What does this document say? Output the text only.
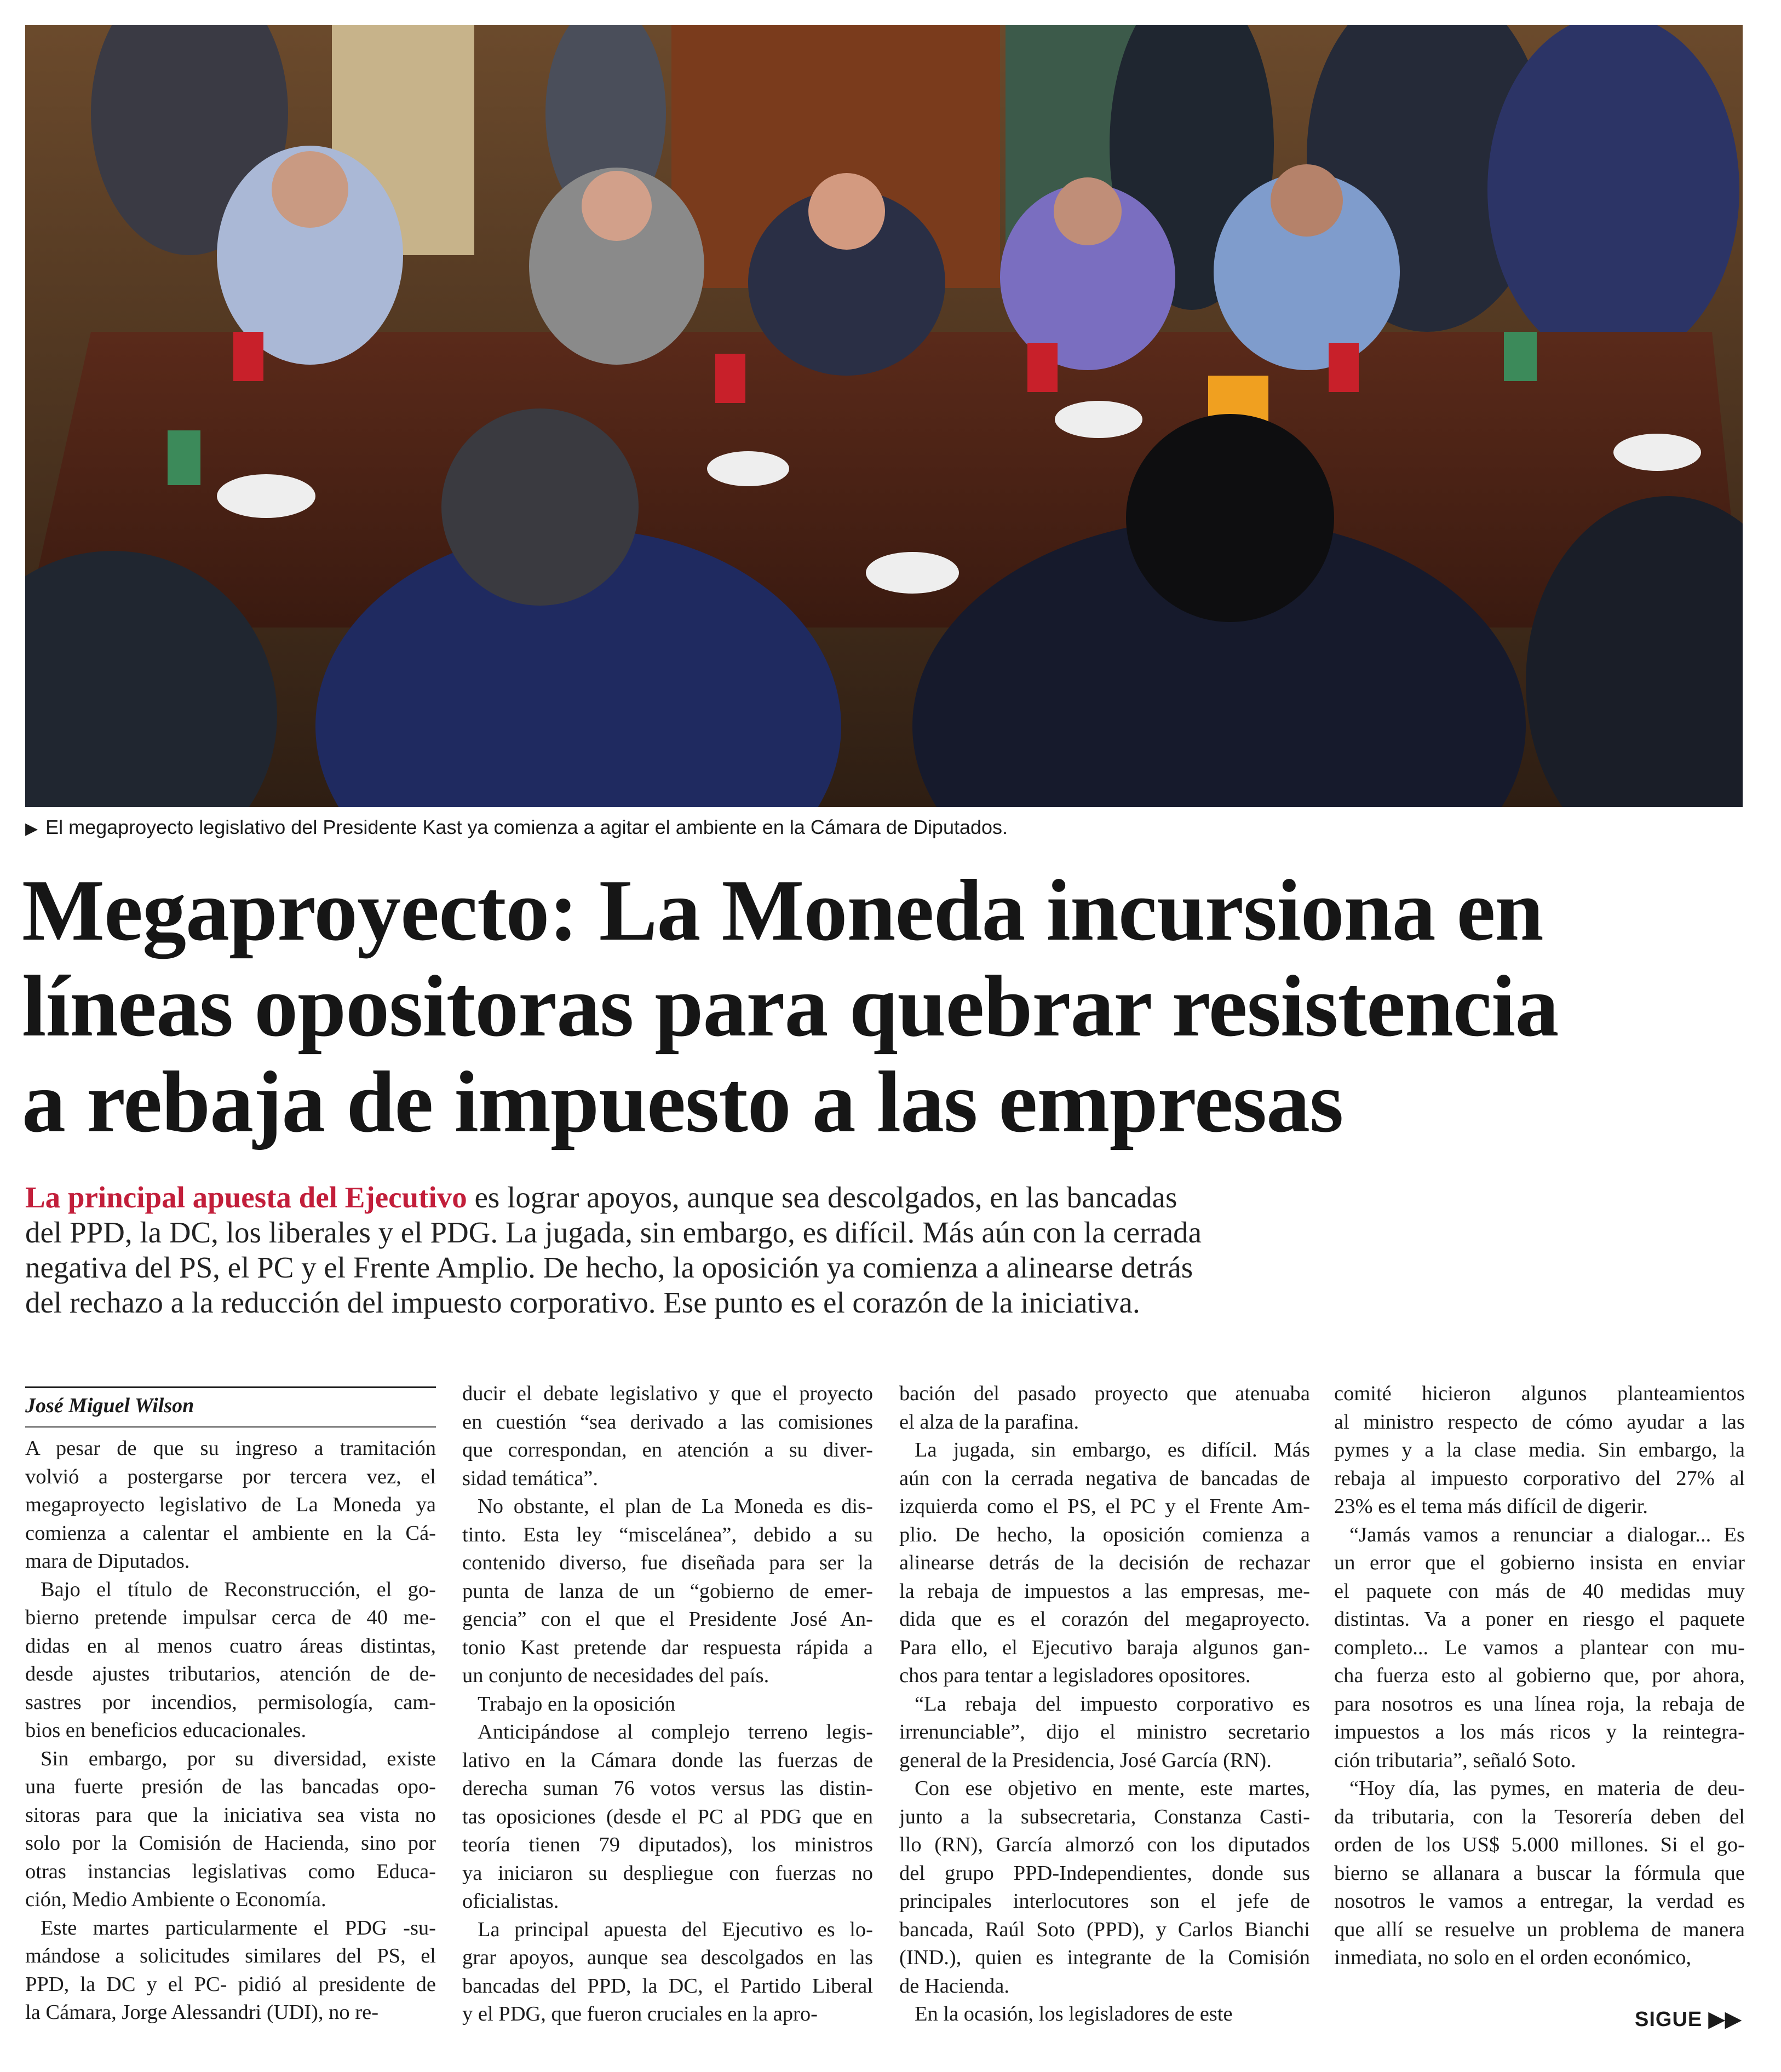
▶ El megaproyecto legislativo del Presidente Kast ya comienza a agitar el ambiente en la Cámara de Diputados.
Megaproyecto: La Moneda incursiona en
líneas opositoras para quebrar resistencia
a rebaja de impuesto a las empresas
La principal apuesta del Ejecutivo es lograr apoyos, aunque sea descolgados, en las bancadas
del PPD, la DC, los liberales y el PDG. La jugada, sin embargo, es difícil. Más aún con la cerrada
negativa del PS, el PC y el Frente Amplio. De hecho, la oposición ya comienza a alinearse detrás
del rechazo a la reducción del impuesto corporativo. Ese punto es el corazón de la iniciativa.
José Miguel Wilson
A pesar de que su ingreso a tramitación
volvió a postergarse por tercera vez, el
megaproyecto legislativo de La Moneda ya
comienza a calentar el ambiente en la Cá-
mara de Diputados.
Bajo el título de Reconstrucción, el go-
bierno pretende impulsar cerca de 40 me-
didas en al menos cuatro áreas distintas,
desde ajustes tributarios, atención de de-
sastres por incendios, permisología, cam-
bios en beneficios educacionales.
Sin embargo, por su diversidad, existe
una fuerte presión de las bancadas opo-
sitoras para que la iniciativa sea vista no
solo por la Comisión de Hacienda, sino por
otras instancias legislativas como Educa-
ción, Medio Ambiente o Economía.
Este martes particularmente el PDG -su-
mándose a solicitudes similares del PS, el
PPD, la DC y el PC- pidió al presidente de
la Cámara, Jorge Alessandri (UDI), no re-
ducir el debate legislativo y que el proyecto
en cuestión “sea derivado a las comisiones
que correspondan, en atención a su diver-
sidad temática”.
No obstante, el plan de La Moneda es dis-
tinto. Esta ley “miscelánea”, debido a su
contenido diverso, fue diseñada para ser la
punta de lanza de un “gobierno de emer-
gencia” con el que el Presidente José An-
tonio Kast pretende dar respuesta rápida a
un conjunto de necesidades del país.
Trabajo en la oposición
Anticipándose al complejo terreno legis-
lativo en la Cámara donde las fuerzas de
derecha suman 76 votos versus las distin-
tas oposiciones (desde el PC al PDG que en
teoría tienen 79 diputados), los ministros
ya iniciaron su despliegue con fuerzas no
oficialistas.
La principal apuesta del Ejecutivo es lo-
grar apoyos, aunque sea descolgados en las
bancadas del PPD, la DC, el Partido Liberal
y el PDG, que fueron cruciales en la apro-
bación del pasado proyecto que atenuaba
el alza de la parafina.
La jugada, sin embargo, es difícil. Más
aún con la cerrada negativa de bancadas de
izquierda como el PS, el PC y el Frente Am-
plio. De hecho, la oposición comienza a
alinearse detrás de la decisión de rechazar
la rebaja de impuestos a las empresas, me-
dida que es el corazón del megaproyecto.
Para ello, el Ejecutivo baraja algunos gan-
chos para tentar a legisladores opositores.
“La rebaja del impuesto corporativo es
irrenunciable”, dijo el ministro secretario
general de la Presidencia, José García (RN).
Con ese objetivo en mente, este martes,
junto a la subsecretaria, Constanza Casti-
llo (RN), García almorzó con los diputados
del grupo PPD-Independientes, donde sus
principales interlocutores son el jefe de
bancada, Raúl Soto (PPD), y Carlos Bianchi
(IND.), quien es integrante de la Comisión
de Hacienda.
En la ocasión, los legisladores de este
comité hicieron algunos planteamientos
al ministro respecto de cómo ayudar a las
pymes y a la clase media. Sin embargo, la
rebaja al impuesto corporativo del 27% al
23% es el tema más difícil de digerir.
“Jamás vamos a renunciar a dialogar... Es
un error que el gobierno insista en enviar
el paquete con más de 40 medidas muy
distintas. Va a poner en riesgo el paquete
completo... Le vamos a plantear con mu-
cha fuerza esto al gobierno que, por ahora,
para nosotros es una línea roja, la rebaja de
impuestos a los más ricos y la reintegra-
ción tributaria”, señaló Soto.
“Hoy día, las pymes, en materia de deu-
da tributaria, con la Tesorería deben del
orden de los US$ 5.000 millones. Si el go-
bierno se allanara a buscar la fórmula que
nosotros le vamos a entregar, la verdad es
que allí se resuelve un problema de manera
inmediata, no solo en el orden económico,
SIGUE ▶▶
